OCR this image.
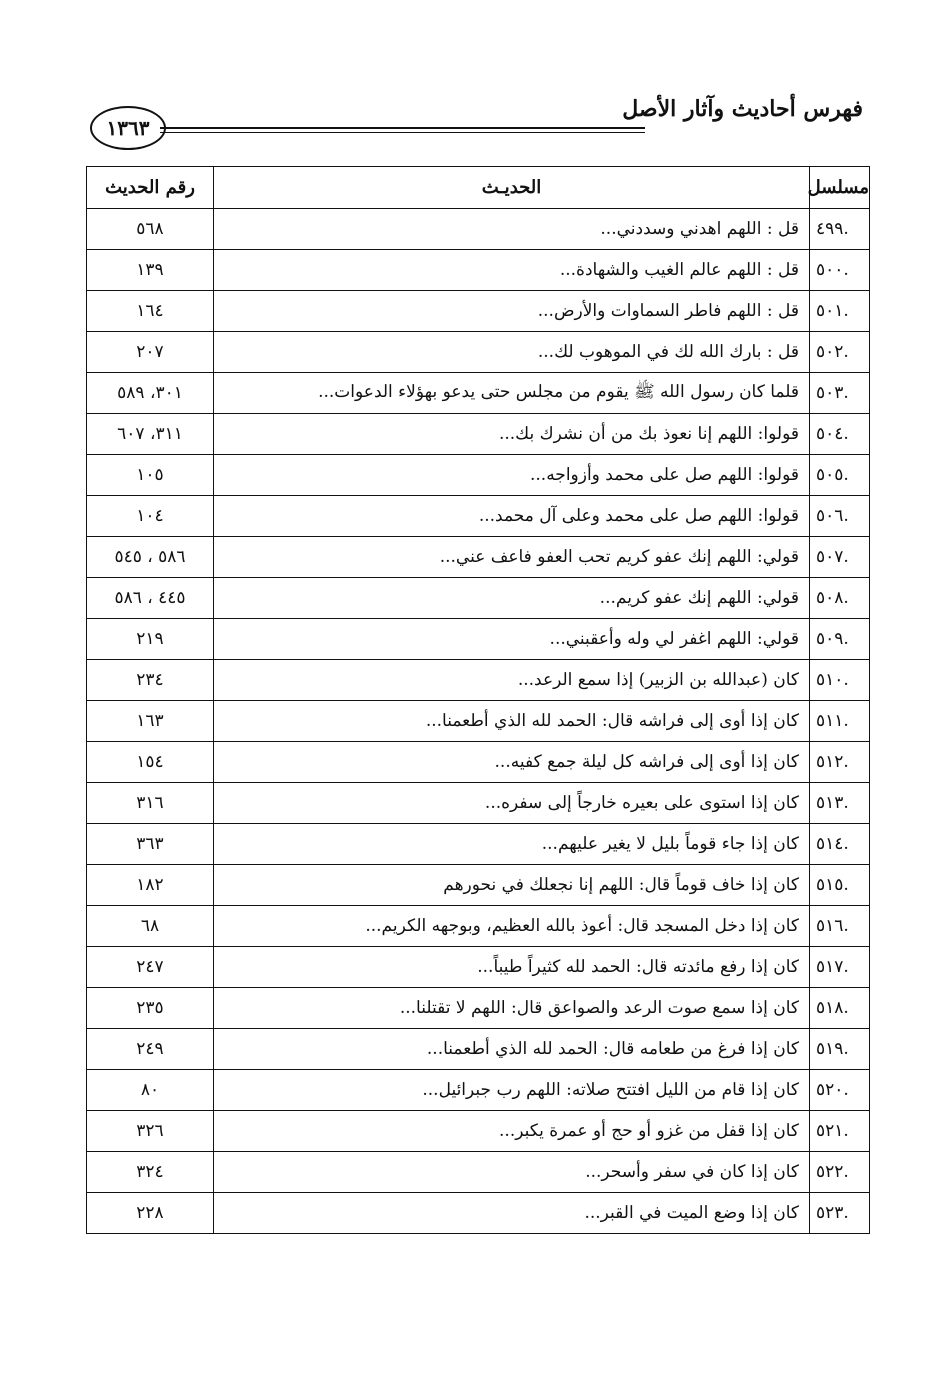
فهرس أحاديث وآثار الأصل
١٣٦٣
مسلسل	الحديـث	رقم الحديث
٤٩٩.	قل : اللهم اهدني وسددني...	٥٦٨
٥٠٠.	قل : اللهم عالم الغيب والشهادة...	١٣٩
٥٠١.	قل : اللهم فاطر السماوات والأرض...	١٦٤
٥٠٢.	قل : بارك الله لك في الموهوب لك...	٢٠٧
٥٠٣.	قلما كان رسول الله ﷺ يقوم من مجلس حتى يدعو بهؤلاء الدعوات...	٣٠١، ٥٨٩
٥٠٤.	قولوا: اللهم إنا نعوذ بك من أن نشرك بك...	٣١١، ٦٠٧
٥٠٥.	قولوا: اللهم صل على محمد وأزواجه...	١٠٥
٥٠٦.	قولوا: اللهم صل على محمد وعلى آل محمد...	١٠٤
٥٠٧.	قولي: اللهم إنك عفو كريم تحب العفو فاعف عني...	٥٨٦ ، ٥٤٥
٥٠٨.	قولي: اللهم إنك عفو كريم...	٤٤٥ ، ٥٨٦
٥٠٩.	قولي: اللهم اغفر لي وله وأعقبني...	٢١٩
٥١٠.	كان (عبدالله بن الزبير) إذا سمع الرعد...	٢٣٤
٥١١.	كان إذا أوى إلى فراشه قال: الحمد لله الذي أطعمنا...	١٦٣
٥١٢.	كان إذا أوى إلى فراشه كل ليلة جمع كفيه...	١٥٤
٥١٣.	كان إذا استوى على بعيره خارجاً إلى سفره...	٣١٦
٥١٤.	كان إذا جاء قوماً بليل لا يغير عليهم...	٣٦٣
٥١٥.	كان إذا خاف قوماً قال: اللهم إنا نجعلك في نحورهم	١٨٢
٥١٦.	كان إذا دخل المسجد قال: أعوذ بالله العظيم، وبوجهه الكريم...	٦٨
٥١٧.	كان إذا رفع مائدته قال: الحمد لله كثيراً طيباً...	٢٤٧
٥١٨.	كان إذا سمع صوت الرعد والصواعق قال: اللهم لا تقتلنا...	٢٣٥
٥١٩.	كان إذا فرغ من طعامه قال: الحمد لله الذي أطعمنا...	٢٤٩
٥٢٠.	كان إذا قام من الليل افتتح صلاته: اللهم رب جبرائيل...	٨٠
٥٢١.	كان إذا قفل من غزو أو حج أو عمرة يكبر...	٣٢٦
٥٢٢.	كان إذا كان في سفر وأسحر...	٣٢٤
٥٢٣.	كان إذا وضع الميت في القبر...	٢٢٨
